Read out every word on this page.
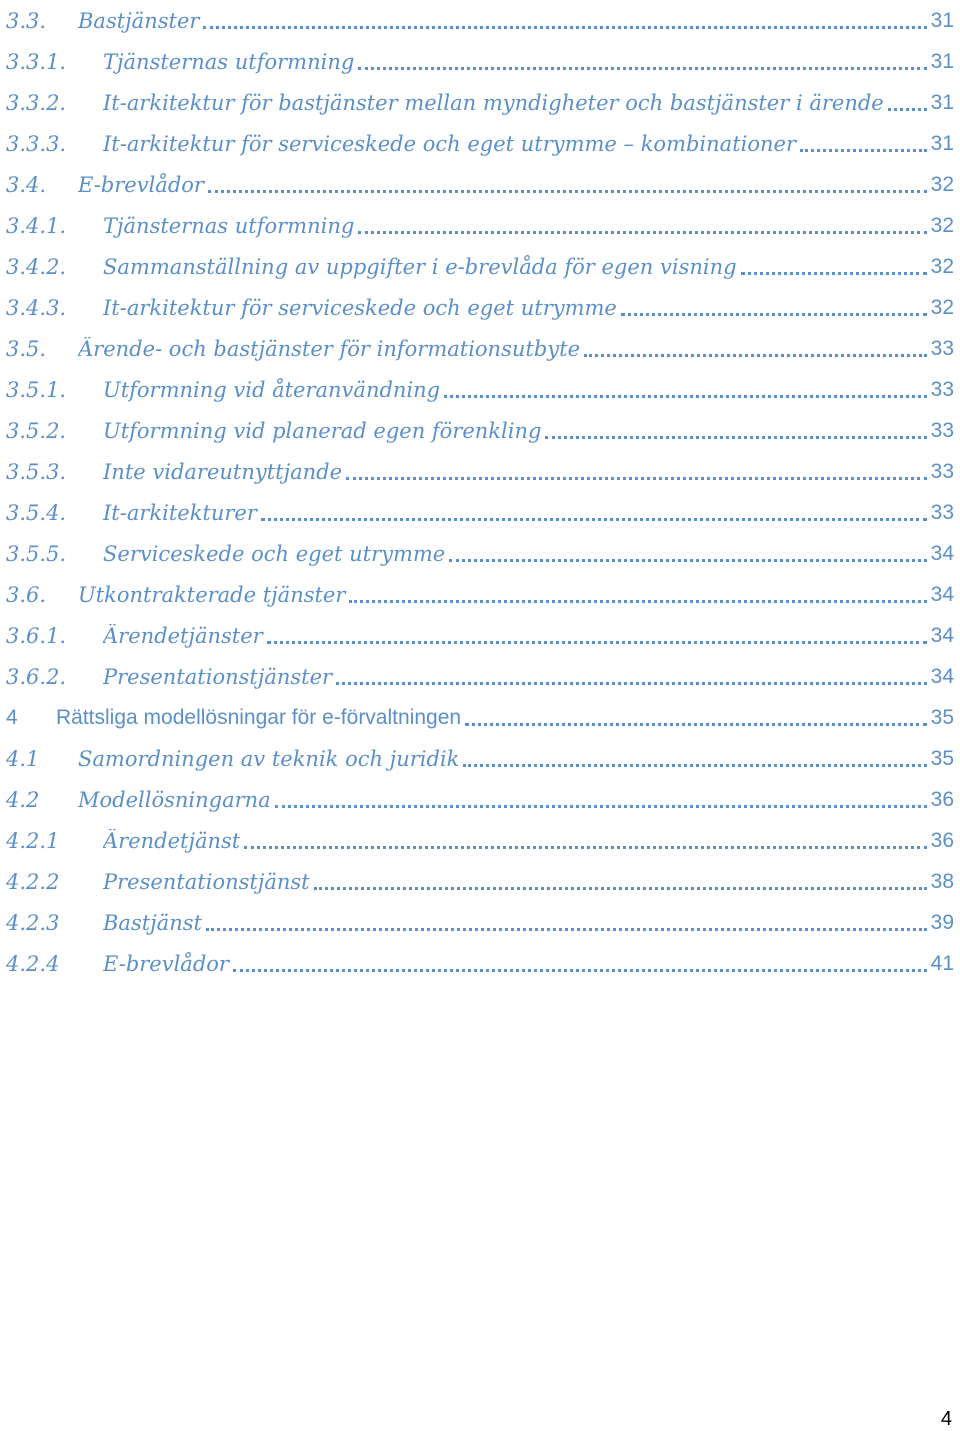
3.3.	Bastjänster	31
3.3.1.	Tjänsternas utformning	31
3.3.2.	It-arkitektur för bastjänster mellan myndigheter och bastjänster i ärende 31
3.3.3.	It-arkitektur för serviceskede och eget utrymme – kombinationer	31
3.4.	E-brevlådor	32
3.4.1.	Tjänsternas utformning	32
3.4.2.	Sammanställning av uppgifter i e-brevlåda för egen visning	32
3.4.3.	It-arkitektur för serviceskede och eget utrymme	32
3.5.	Ärende- och bastjänster för informationsutbyte	33
3.5.1.	Utformning vid återanvändning	33
3.5.2.	Utformning vid planerad egen förenkling	33
3.5.3.	Inte vidareutnyttjande	33
3.5.4.	It-arkitekturer	33
3.5.5.	Serviceskede och eget utrymme	34
3.6.	Utkontrakterade tjänster	34
3.6.1.	Ärendetjänster	34
3.6.2.	Presentationstjänster	34
4	Rättsliga modellösningar för e-förvaltningen	35
4.1	Samordningen av teknik och juridik	35
4.2	Modellösningarna	36
4.2.1	Ärendetjänst	36
4.2.2	Presentationstjänst	38
4.2.3	Bastjänst	39
4.2.4	E-brevlådor	41
4
